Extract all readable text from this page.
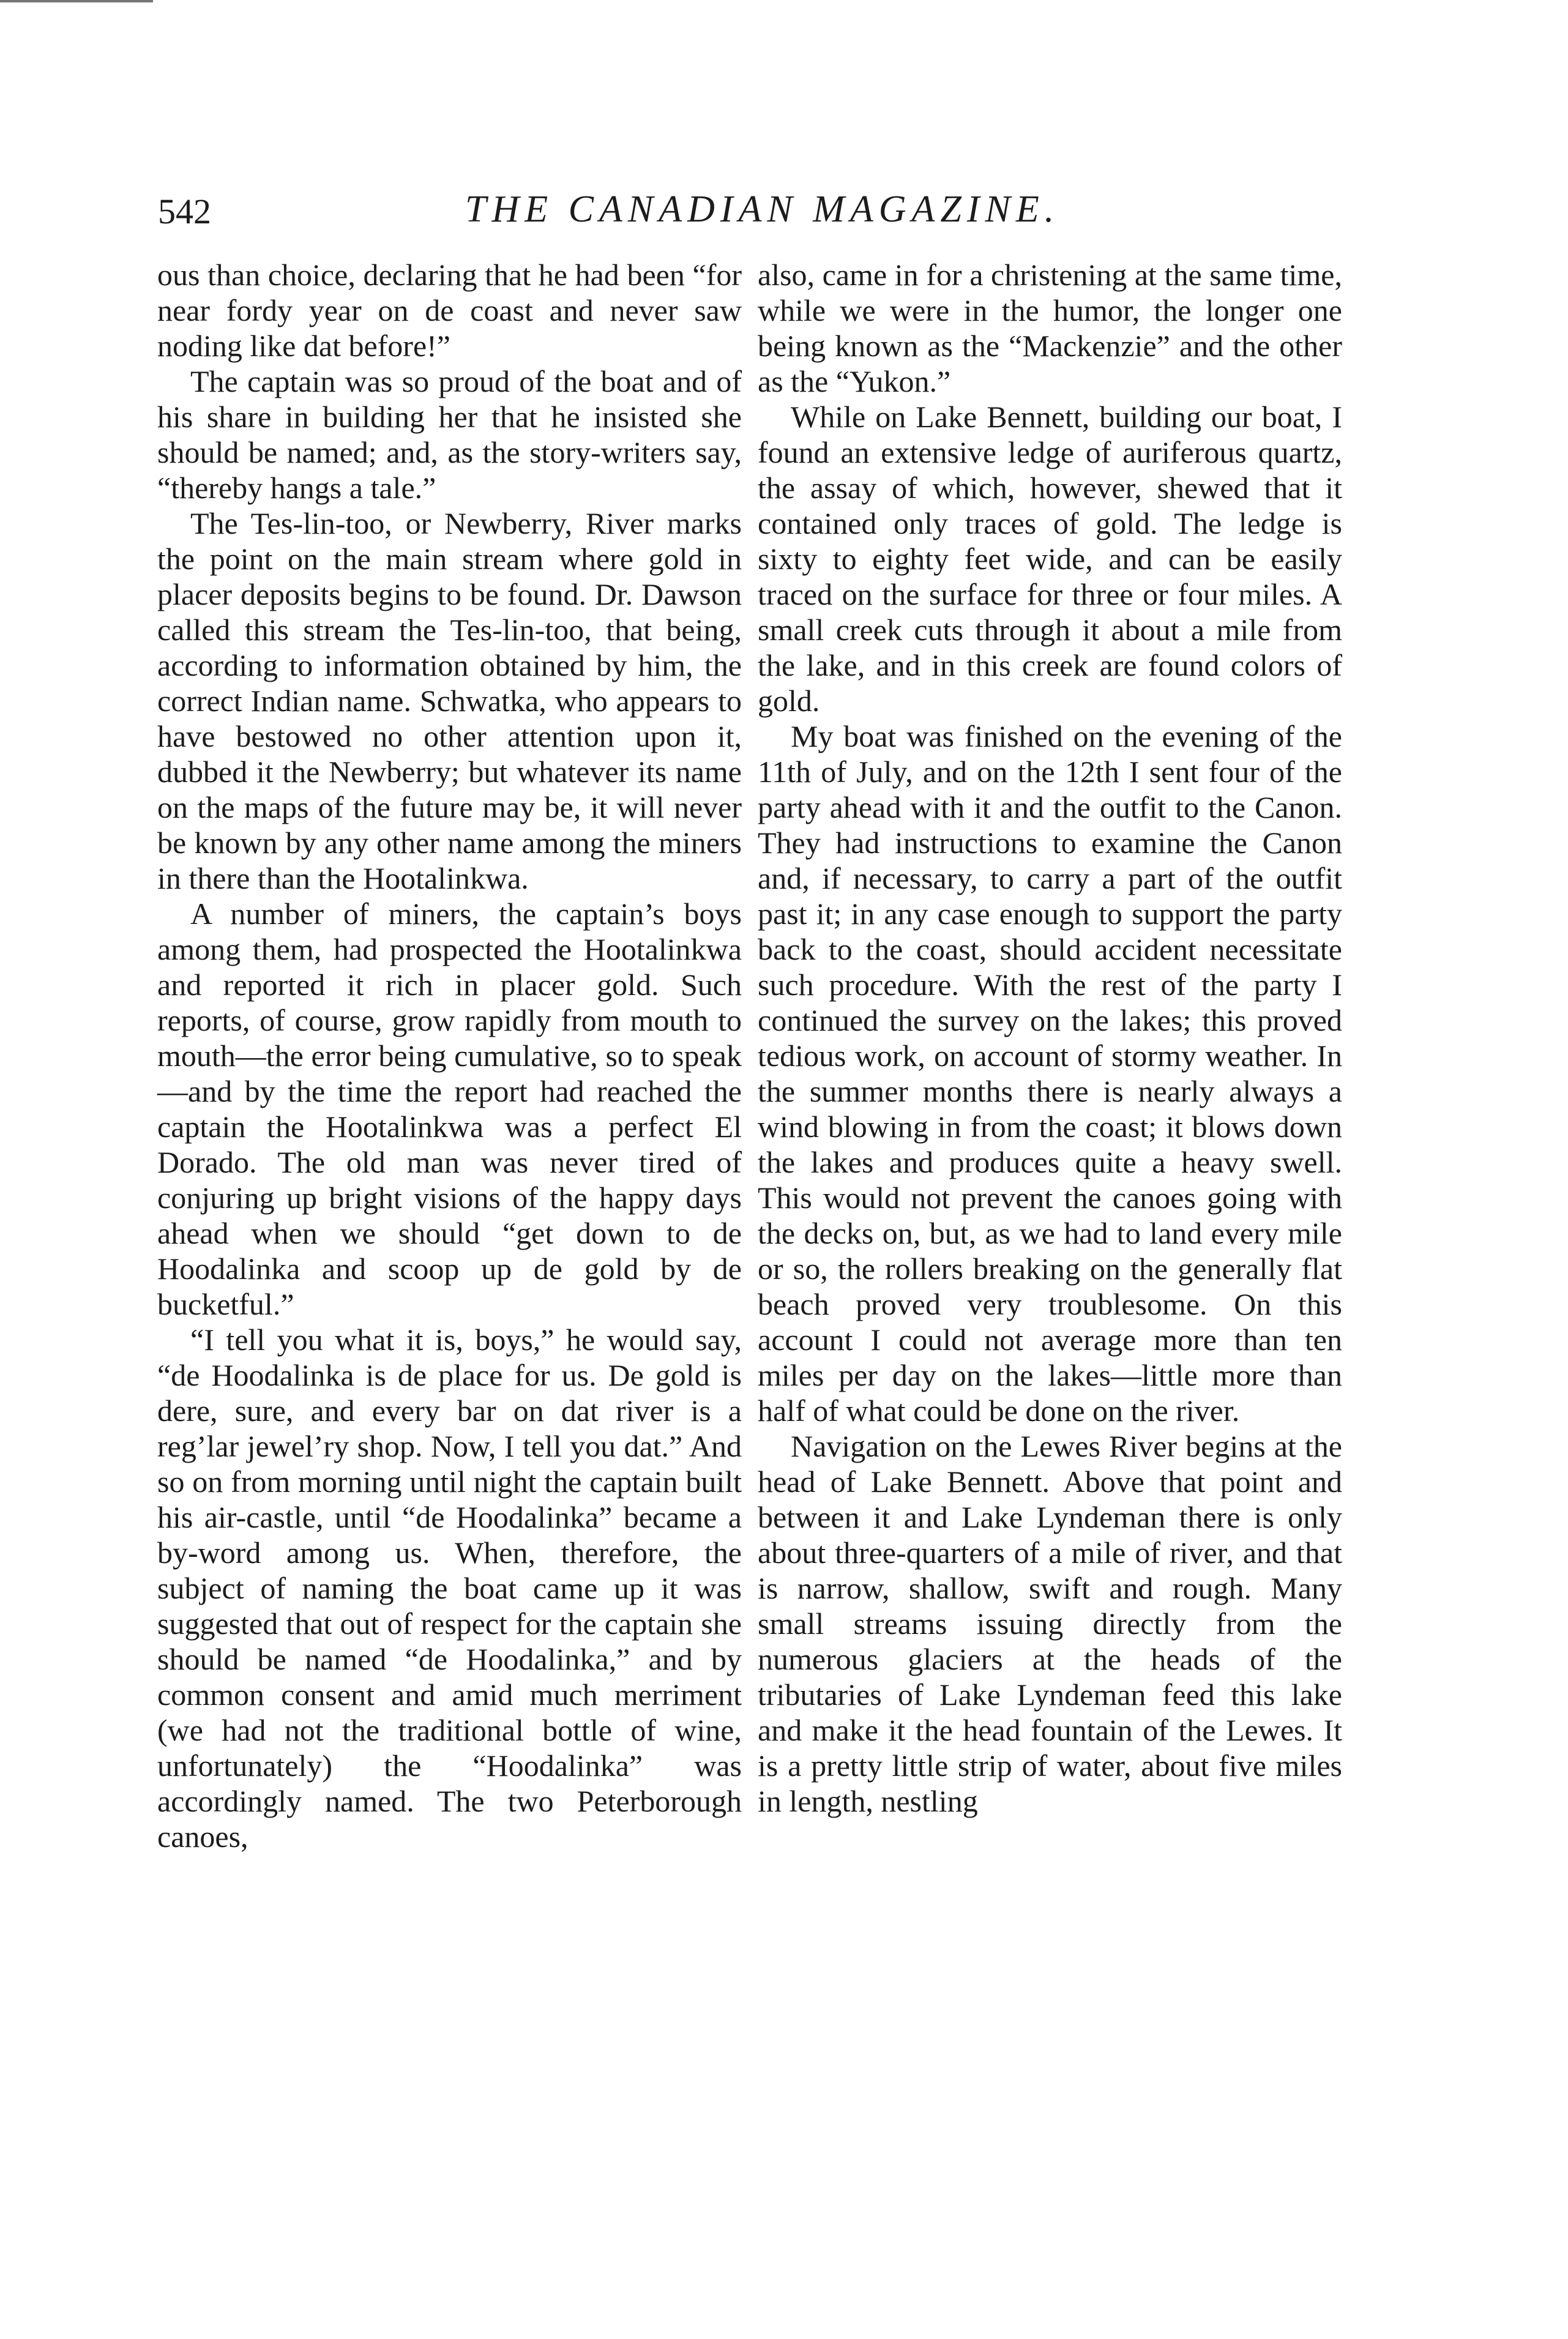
542	THE CANADIAN MAGAZINE.

ous than choice, declaring that he had been “for near fordy year on de coast and never saw noding like dat before!”

The captain was so proud of the boat and of his share in building her that he insisted she should be named; and, as the story-writers say, “thereby hangs a tale.”

The Tes-lin-too, or Newberry, River marks the point on the main stream where gold in placer deposits begins to be found. Dr. Dawson called this stream the Tes-lin-too, that being, according to information obtained by him, the correct Indian name. Schwatka, who appears to have bestowed no other attention upon it, dubbed it the Newberry; but whatever its name on the maps of the future may be, it will never be known by any other name among the miners in there than the Hootalinkwa.

A number of miners, the captain’s boys among them, had prospected the Hootalinkwa and reported it rich in placer gold. Such reports, of course, grow rapidly from mouth to mouth—the error being cumulative, so to speak—and by the time the report had reached the captain the Hootalinkwa was a perfect El Dorado. The old man was never tired of conjuring up bright visions of the happy days ahead when we should “get down to de Hoodalinka and scoop up de gold by de bucketful.”

“I tell you what it is, boys,” he would say, “de Hoodalinka is de place for us. De gold is dere, sure, and every bar on dat river is a reg’lar jewel’ry shop. Now, I tell you dat.” And so on from morning until night the captain built his air-castle, until “de Hoodalinka” became a by-word among us. When, therefore, the subject of naming the boat came up it was suggested that out of respect for the captain she should be named “de Hoodalinka,” and by common consent and amid much merriment (we had not the traditional bottle of wine, unfortunately) the “Hoodalinka” was accordingly named. The two Peterborough canoes,

also, came in for a christening at the same time, while we were in the humor, the longer one being known as the “Mackenzie” and the other as the “Yukon.”

While on Lake Bennett, building our boat, I found an extensive ledge of auriferous quartz, the assay of which, however, shewed that it contained only traces of gold. The ledge is sixty to eighty feet wide, and can be easily traced on the surface for three or four miles. A small creek cuts through it about a mile from the lake, and in this creek are found colors of gold.

My boat was finished on the evening of the 11th of July, and on the 12th I sent four of the party ahead with it and the outfit to the Canon. They had instructions to examine the Canon and, if necessary, to carry a part of the outfit past it; in any case enough to support the party back to the coast, should accident necessitate such procedure. With the rest of the party I continued the survey on the lakes; this proved tedious work, on account of stormy weather. In the summer months there is nearly always a wind blowing in from the coast; it blows down the lakes and produces quite a heavy swell. This would not prevent the canoes going with the decks on, but, as we had to land every mile or so, the rollers breaking on the generally flat beach proved very troublesome. On this account I could not average more than ten miles per day on the lakes—little more than half of what could be done on the river.

Navigation on the Lewes River begins at the head of Lake Bennett. Above that point and between it and Lake Lyndeman there is only about three-quarters of a mile of river, and that is narrow, shallow, swift and rough. Many small streams issuing directly from the numerous glaciers at the heads of the tributaries of Lake Lyndeman feed this lake and make it the head fountain of the Lewes. It is a pretty little strip of water, about five miles in length, nestling
